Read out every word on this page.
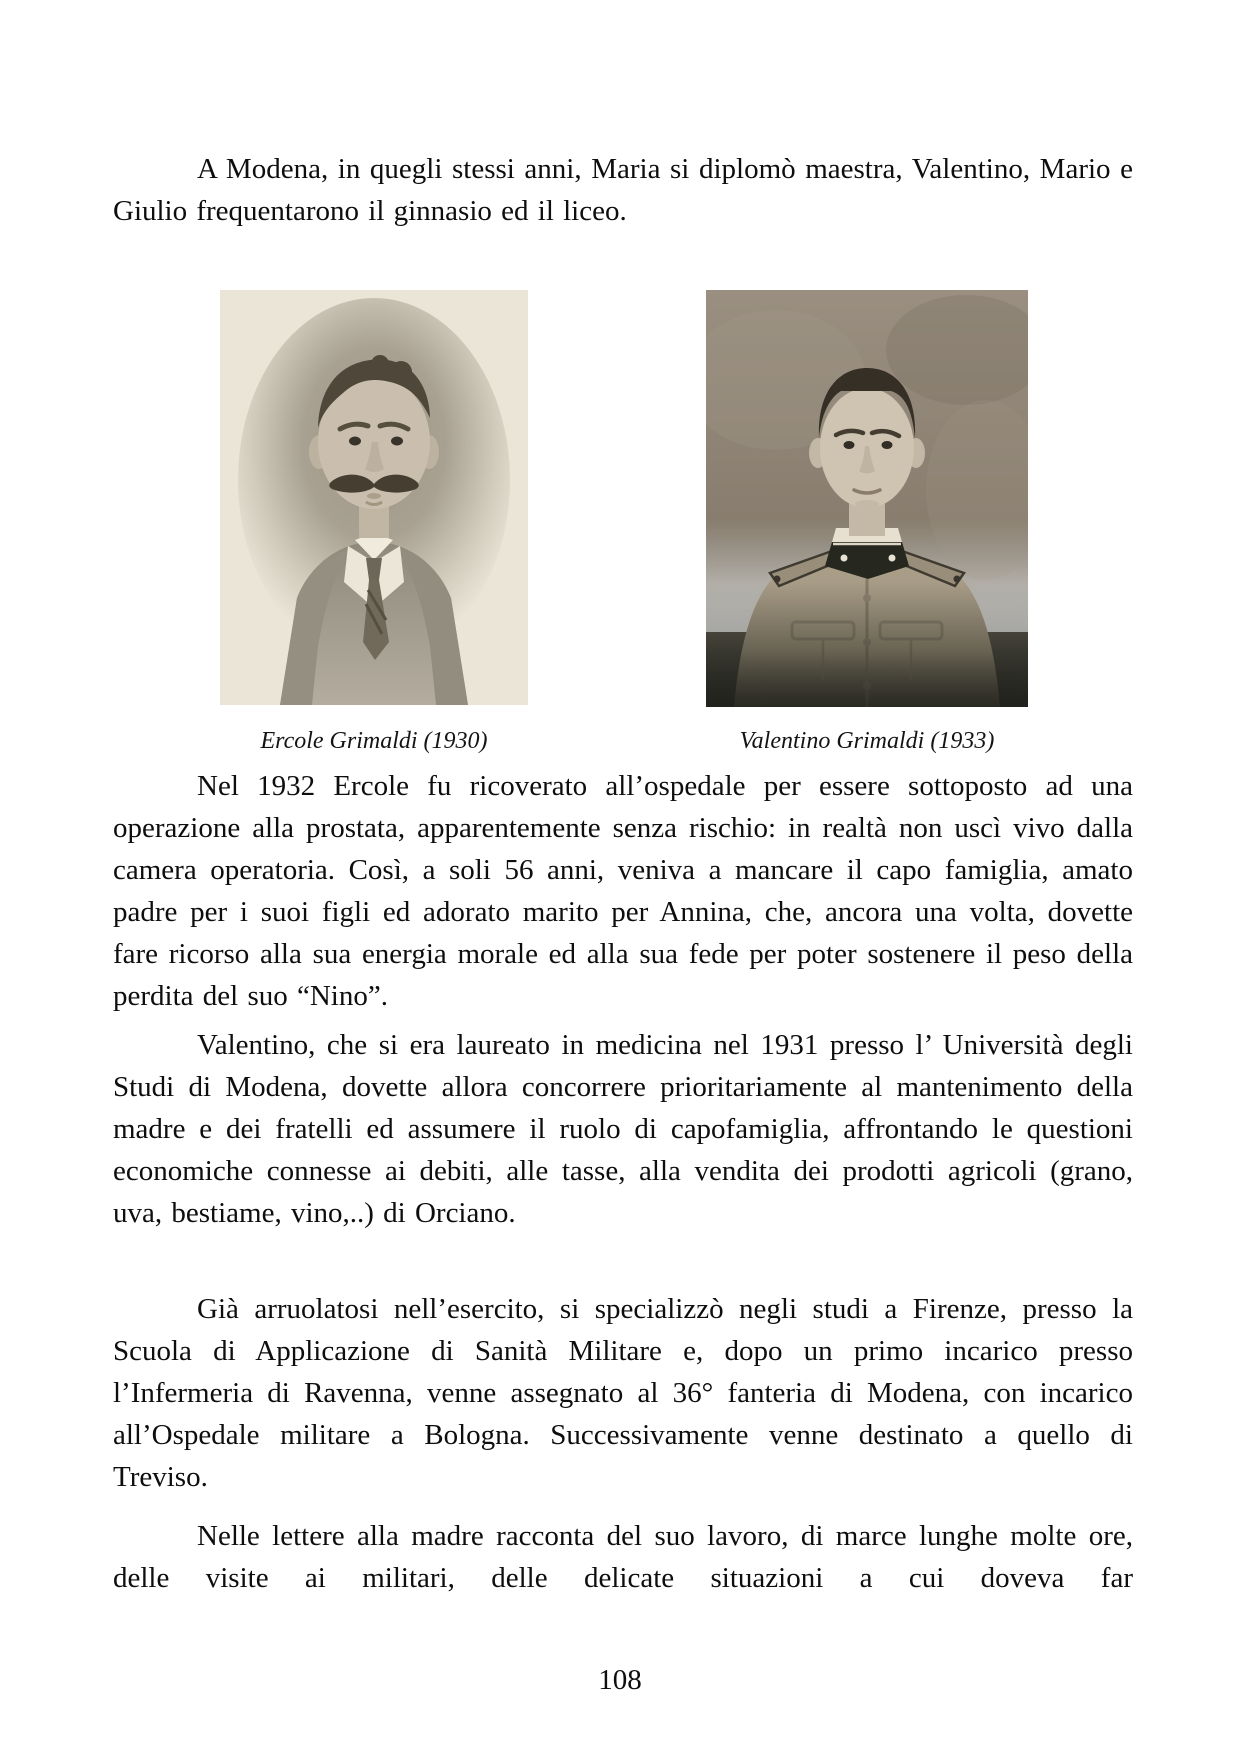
A Modena, in quegli stessi anni, Maria si diplomò maestra, Valentino, Mario e Giulio frequentarono il ginnasio ed il liceo.

Ercole Grimaldi (1930)	Valentino Grimaldi (1933)

Nel 1932 Ercole fu ricoverato all’ospedale per essere sottoposto ad una operazione alla prostata, apparentemente senza rischio: in realtà non uscì vivo dalla camera operatoria. Così, a soli 56 anni, veniva a mancare il capo famiglia, amato padre per i suoi figli ed adorato marito per Annina, che, ancora una volta, dovette fare ricorso alla sua energia morale ed alla sua fede per poter sostenere il peso della perdita del suo “Nino”.

Valentino, che si era laureato in medicina nel 1931 presso l’ Università degli Studi di Modena, dovette allora concorrere prioritariamente al mantenimento della madre e dei fratelli ed assumere il ruolo di capofamiglia, affrontando le questioni economiche connesse ai debiti, alle tasse, alla vendita dei prodotti agricoli (grano, uva, bestiame, vino,..) di Orciano.

Già arruolatosi nell’esercito, si specializzò negli studi a Firenze, presso la Scuola di Applicazione di Sanità Militare e, dopo un primo incarico presso l’Infermeria di Ravenna, venne assegnato al 36° fanteria di Modena, con incarico all’Ospedale militare a Bologna. Successivamente venne destinato a quello di Treviso.

Nelle lettere alla madre racconta del suo lavoro, di marce lunghe molte ore, delle visite ai militari, delle delicate situazioni a cui doveva far

108
